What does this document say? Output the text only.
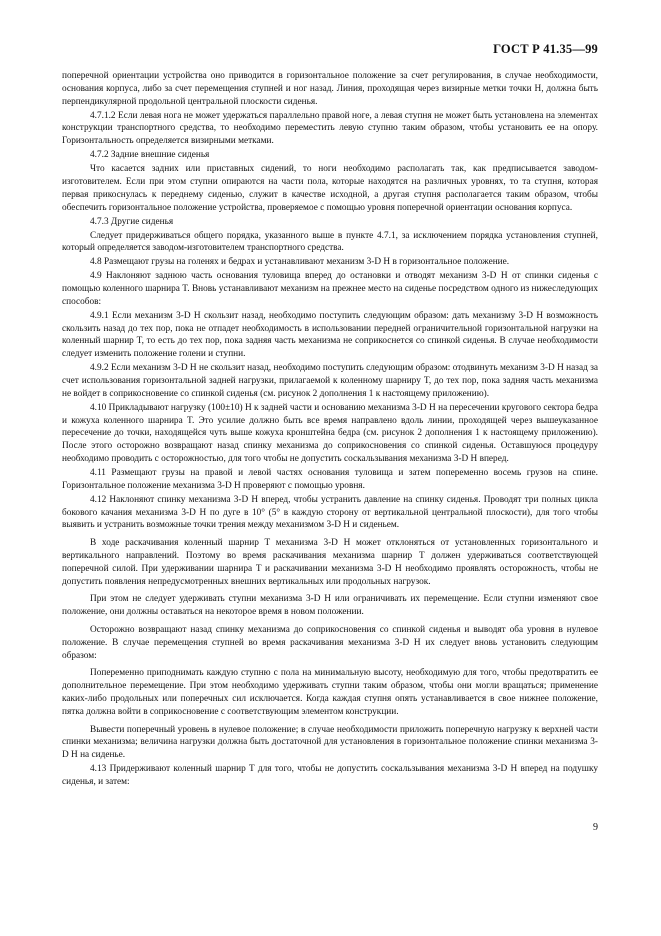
ГОСТ Р 41.35—99

поперечной ориентации устройства оно приводится в горизонтальное положение за счет регулирования, в случае необходимости, основания корпуса, либо за счет перемещения ступней и ног назад. Линия, проходящая через визирные метки точки H, должна быть перпендикулярной продольной центральной плоскости сиденья.

4.7.1.2 Если левая нога не может удержаться параллельно правой ноге, а левая ступня не может быть установлена на элементах конструкции транспортного средства, то необходимо переместить левую ступню таким образом, чтобы установить ее на опору. Горизонтальность определяется визирными метками.

4.7.2 Задние внешние сиденья

Что касается задних или приставных сидений, то ноги необходимо располагать так, как предписывается заводом-изготовителем. Если при этом ступни опираются на части пола, которые находятся на различных уровнях, то та ступня, которая первая прикоснулась к переднему сиденью, служит в качестве исходной, а другая ступня располагается таким образом, чтобы обеспечить горизонтальное положение устройства, проверяемое с помощью уровня поперечной ориентации основания корпуса.

4.7.3 Другие сиденья

Следует придерживаться общего порядка, указанного выше в пункте 4.7.1, за исключением порядка установления ступней, который определяется заводом-изготовителем транспортного средства.

4.8 Размещают грузы на голенях и бедрах и устанавливают механизм 3-D H в горизонтальное положение.

4.9 Наклоняют заднюю часть основания туловища вперед до остановки и отводят механизм 3-D H от спинки сиденья с помощью коленного шарнира T. Вновь устанавливают механизм на прежнее место на сиденье посредством одного из нижеследующих способов:

4.9.1 Если механизм 3-D H скользит назад, необходимо поступить следующим образом: дать механизму 3-D H возможность скользить назад до тех пор, пока не отпадет необходимость в использовании передней ограничительной горизонтальной нагрузки на коленный шарнир T, то есть до тех пор, пока задняя часть механизма не соприкоснется со спинкой сиденья. В случае необходимости следует изменить положение голени и ступни.

4.9.2 Если механизм 3-D H не скользит назад, необходимо поступить следующим образом: отодвинуть механизм 3-D H назад за счет использования горизонтальной задней нагрузки, прилагаемой к коленному шарниру T, до тех пор, пока задняя часть механизма не войдет в соприкосновение со спинкой сиденья (см. рисунок 2 дополнения 1 к настоящему приложению).

4.10 Прикладывают нагрузку (100±10) Н к задней части и основанию механизма 3-D H на пересечении кругового сектора бедра и кожуха коленного шарнира T. Это усилие должно быть все время направлено вдоль линии, проходящей через вышеуказанное пересечение до точки, находящейся чуть выше кожуха кронштейна бедра (см. рисунок 2 дополнения 1 к настоящему приложению). После этого осторожно возвращают назад спинку механизма до соприкосновения со спинкой сиденья. Оставшуюся процедуру необходимо проводить с осторожностью, для того чтобы не допустить соскальзывания механизма 3-D H вперед.

4.11 Размещают грузы на правой и левой частях основания туловища и затем попеременно восемь грузов на спине. Горизонтальное положение механизма 3-D H проверяют с помощью уровня.

4.12 Наклоняют спинку механизма 3-D H вперед, чтобы устранить давление на спинку сиденья. Проводят три полных цикла бокового качания механизма 3-D H по дуге в 10° (5° в каждую сторону от вертикальной центральной плоскости), для того чтобы выявить и устранить возможные точки трения между механизмом 3-D H и сиденьем.

В ходе раскачивания коленный шарнир T механизма 3-D H может отклоняться от установленных горизонтального и вертикального направлений. Поэтому во время раскачивания механизма шарнир T должен удерживаться соответствующей поперечной силой. При удерживании шарнира T и раскачивании механизма 3-D H необходимо проявлять осторожность, чтобы не допустить появления непредусмотренных внешних вертикальных или продольных нагрузок.

При этом не следует удерживать ступни механизма 3-D H или ограничивать их перемещение. Если ступни изменяют свое положение, они должны оставаться на некоторое время в новом положении.

Осторожно возвращают назад спинку механизма до соприкосновения со спинкой сиденья и выводят оба уровня в нулевое положение. В случае перемещения ступней во время раскачивания механизма 3-D H их следует вновь установить следующим образом:

Попеременно приподнимать каждую ступню с пола на минимальную высоту, необходимую для того, чтобы предотвратить ее дополнительное перемещение. При этом необходимо удерживать ступни таким образом, чтобы они могли вращаться; применение каких-либо продольных или поперечных сил исключается. Когда каждая ступня опять устанавливается в свое нижнее положение, пятка должна войти в соприкосновение с соответствующим элементом конструкции.

Вывести поперечный уровень в нулевое положение; в случае необходимости приложить поперечную нагрузку к верхней части спинки механизма; величина нагрузки должна быть достаточной для установления в горизонтальное положение спинки механизма 3-D H на сиденье.

4.13 Придерживают коленный шарнир T для того, чтобы не допустить соскальзывания механизма 3-D H вперед на подушку сиденья, и затем:

9
